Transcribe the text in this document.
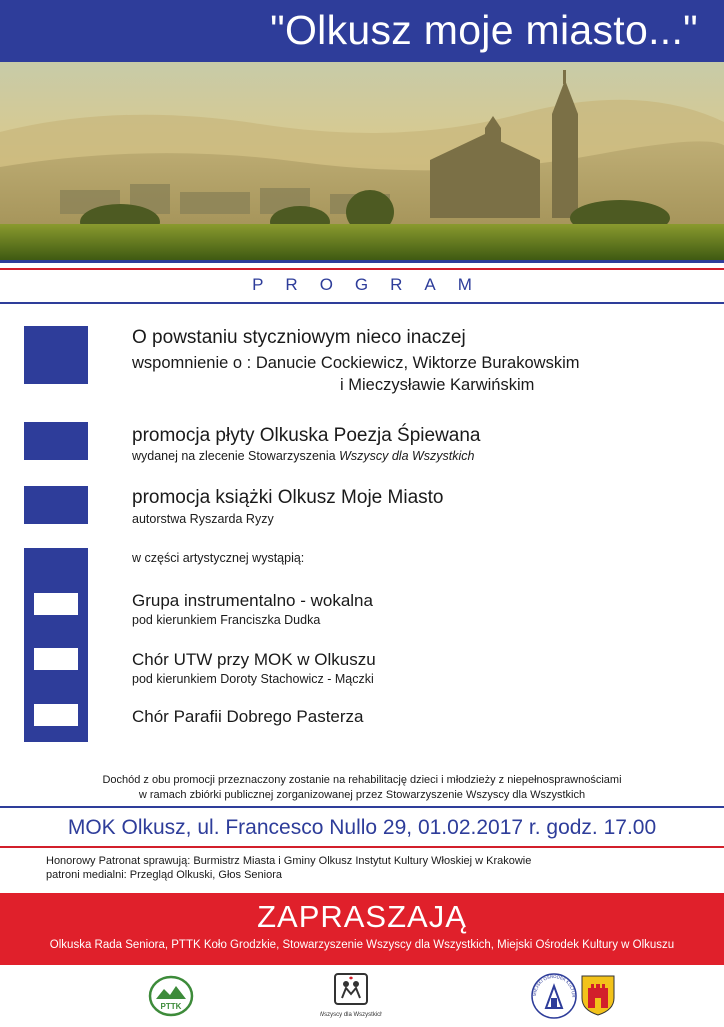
"Olkusz moje miasto..."
PROGRAM
O powstaniu styczniowym nieco inaczej
wspomnienie o : Danucie Cockiewicz, Wiktorze Burakowskim
i Mieczysławie Karwińskim
promocja płyty Olkuska Poezja Śpiewana
wydanej na zlecenie Stowarzyszenia Wszyscy dla Wszystkich
promocja książki Olkusz Moje Miasto
autorstwa Ryszarda Ryzy
w części artystycznej wystąpią:
Grupa instrumentalno - wokalna
pod kierunkiem Franciszka Dudka
Chór UTW przy MOK w Olkuszu
pod kierunkiem Doroty Stachowicz - Mączki
Chór Parafii Dobrego Pasterza
Dochód z obu promocji przeznaczony zostanie na rehabilitację dzieci i młodzieży z niepełnosprawnościami
w ramach zbiórki publicznej zorganizowanej przez Stowarzyszenie Wszyscy dla Wszystkich
MOK Olkusz, ul. Francesco Nullo 29, 01.02.2017 r. godz. 17.00
Honorowy Patronat sprawują: Burmistrz Miasta i Gminy Olkusz Instytut Kultury Włoskiej w Krakowie
patroni medialni: Przegląd Olkuski, Głos Seniora
ZAPRASZAJĄ
Olkuska Rada Seniora, PTTK Koło Grodzkie, Stowarzyszenie Wszyscy dla Wszystkich, Miejski Ośrodek Kultury w Olkuszu
PTTK
Wszyscy dla Wszystkich
MIEJSKI OŚRODEK KULTUR
